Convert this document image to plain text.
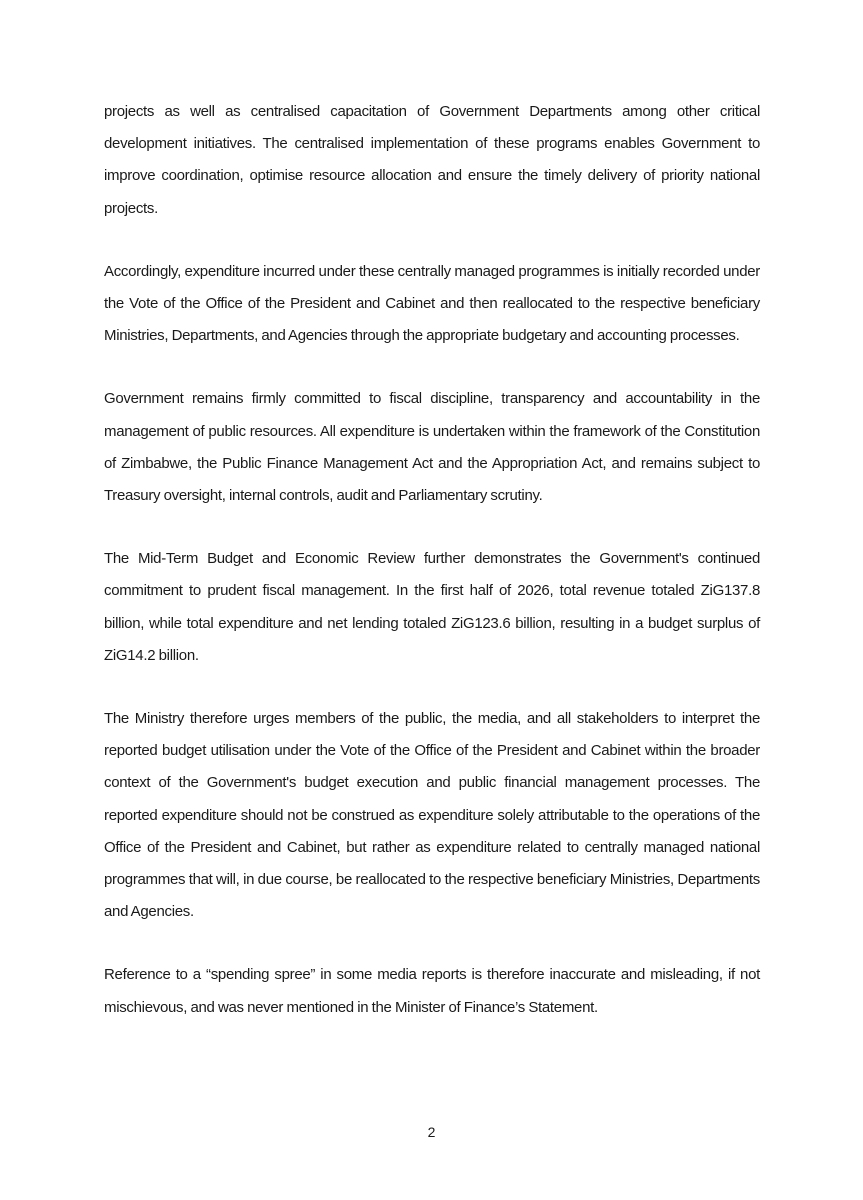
projects as well as centralised capacitation of Government Departments among other critical development initiatives. The centralised implementation of these programs enables Government to improve coordination, optimise resource allocation and ensure the timely delivery of priority national projects.

Accordingly, expenditure incurred under these centrally managed programmes is initially recorded under the Vote of the Office of the President and Cabinet and then reallocated to the respective beneficiary Ministries, Departments, and Agencies through the appropriate budgetary and accounting processes.

Government remains firmly committed to fiscal discipline, transparency and accountability in the management of public resources. All expenditure is undertaken within the framework of the Constitution of Zimbabwe, the Public Finance Management Act and the Appropriation Act, and remains subject to Treasury oversight, internal controls, audit and Parliamentary scrutiny.

The Mid-Term Budget and Economic Review further demonstrates the Government's continued commitment to prudent fiscal management. In the first half of 2026, total revenue totaled ZiG137.8 billion, while total expenditure and net lending totaled ZiG123.6 billion, resulting in a budget surplus of ZiG14.2 billion.

The Ministry therefore urges members of the public, the media, and all stakeholders to interpret the reported budget utilisation under the Vote of the Office of the President and Cabinet within the broader context of the Government's budget execution and public financial management processes. The reported expenditure should not be construed as expenditure solely attributable to the operations of the Office of the President and Cabinet, but rather as expenditure related to centrally managed national programmes that will, in due course, be reallocated to the respective beneficiary Ministries, Departments and Agencies.

Reference to a “spending spree” in some media reports is therefore inaccurate and misleading, if not mischievous, and was never mentioned in the Minister of Finance’s Statement.

2
